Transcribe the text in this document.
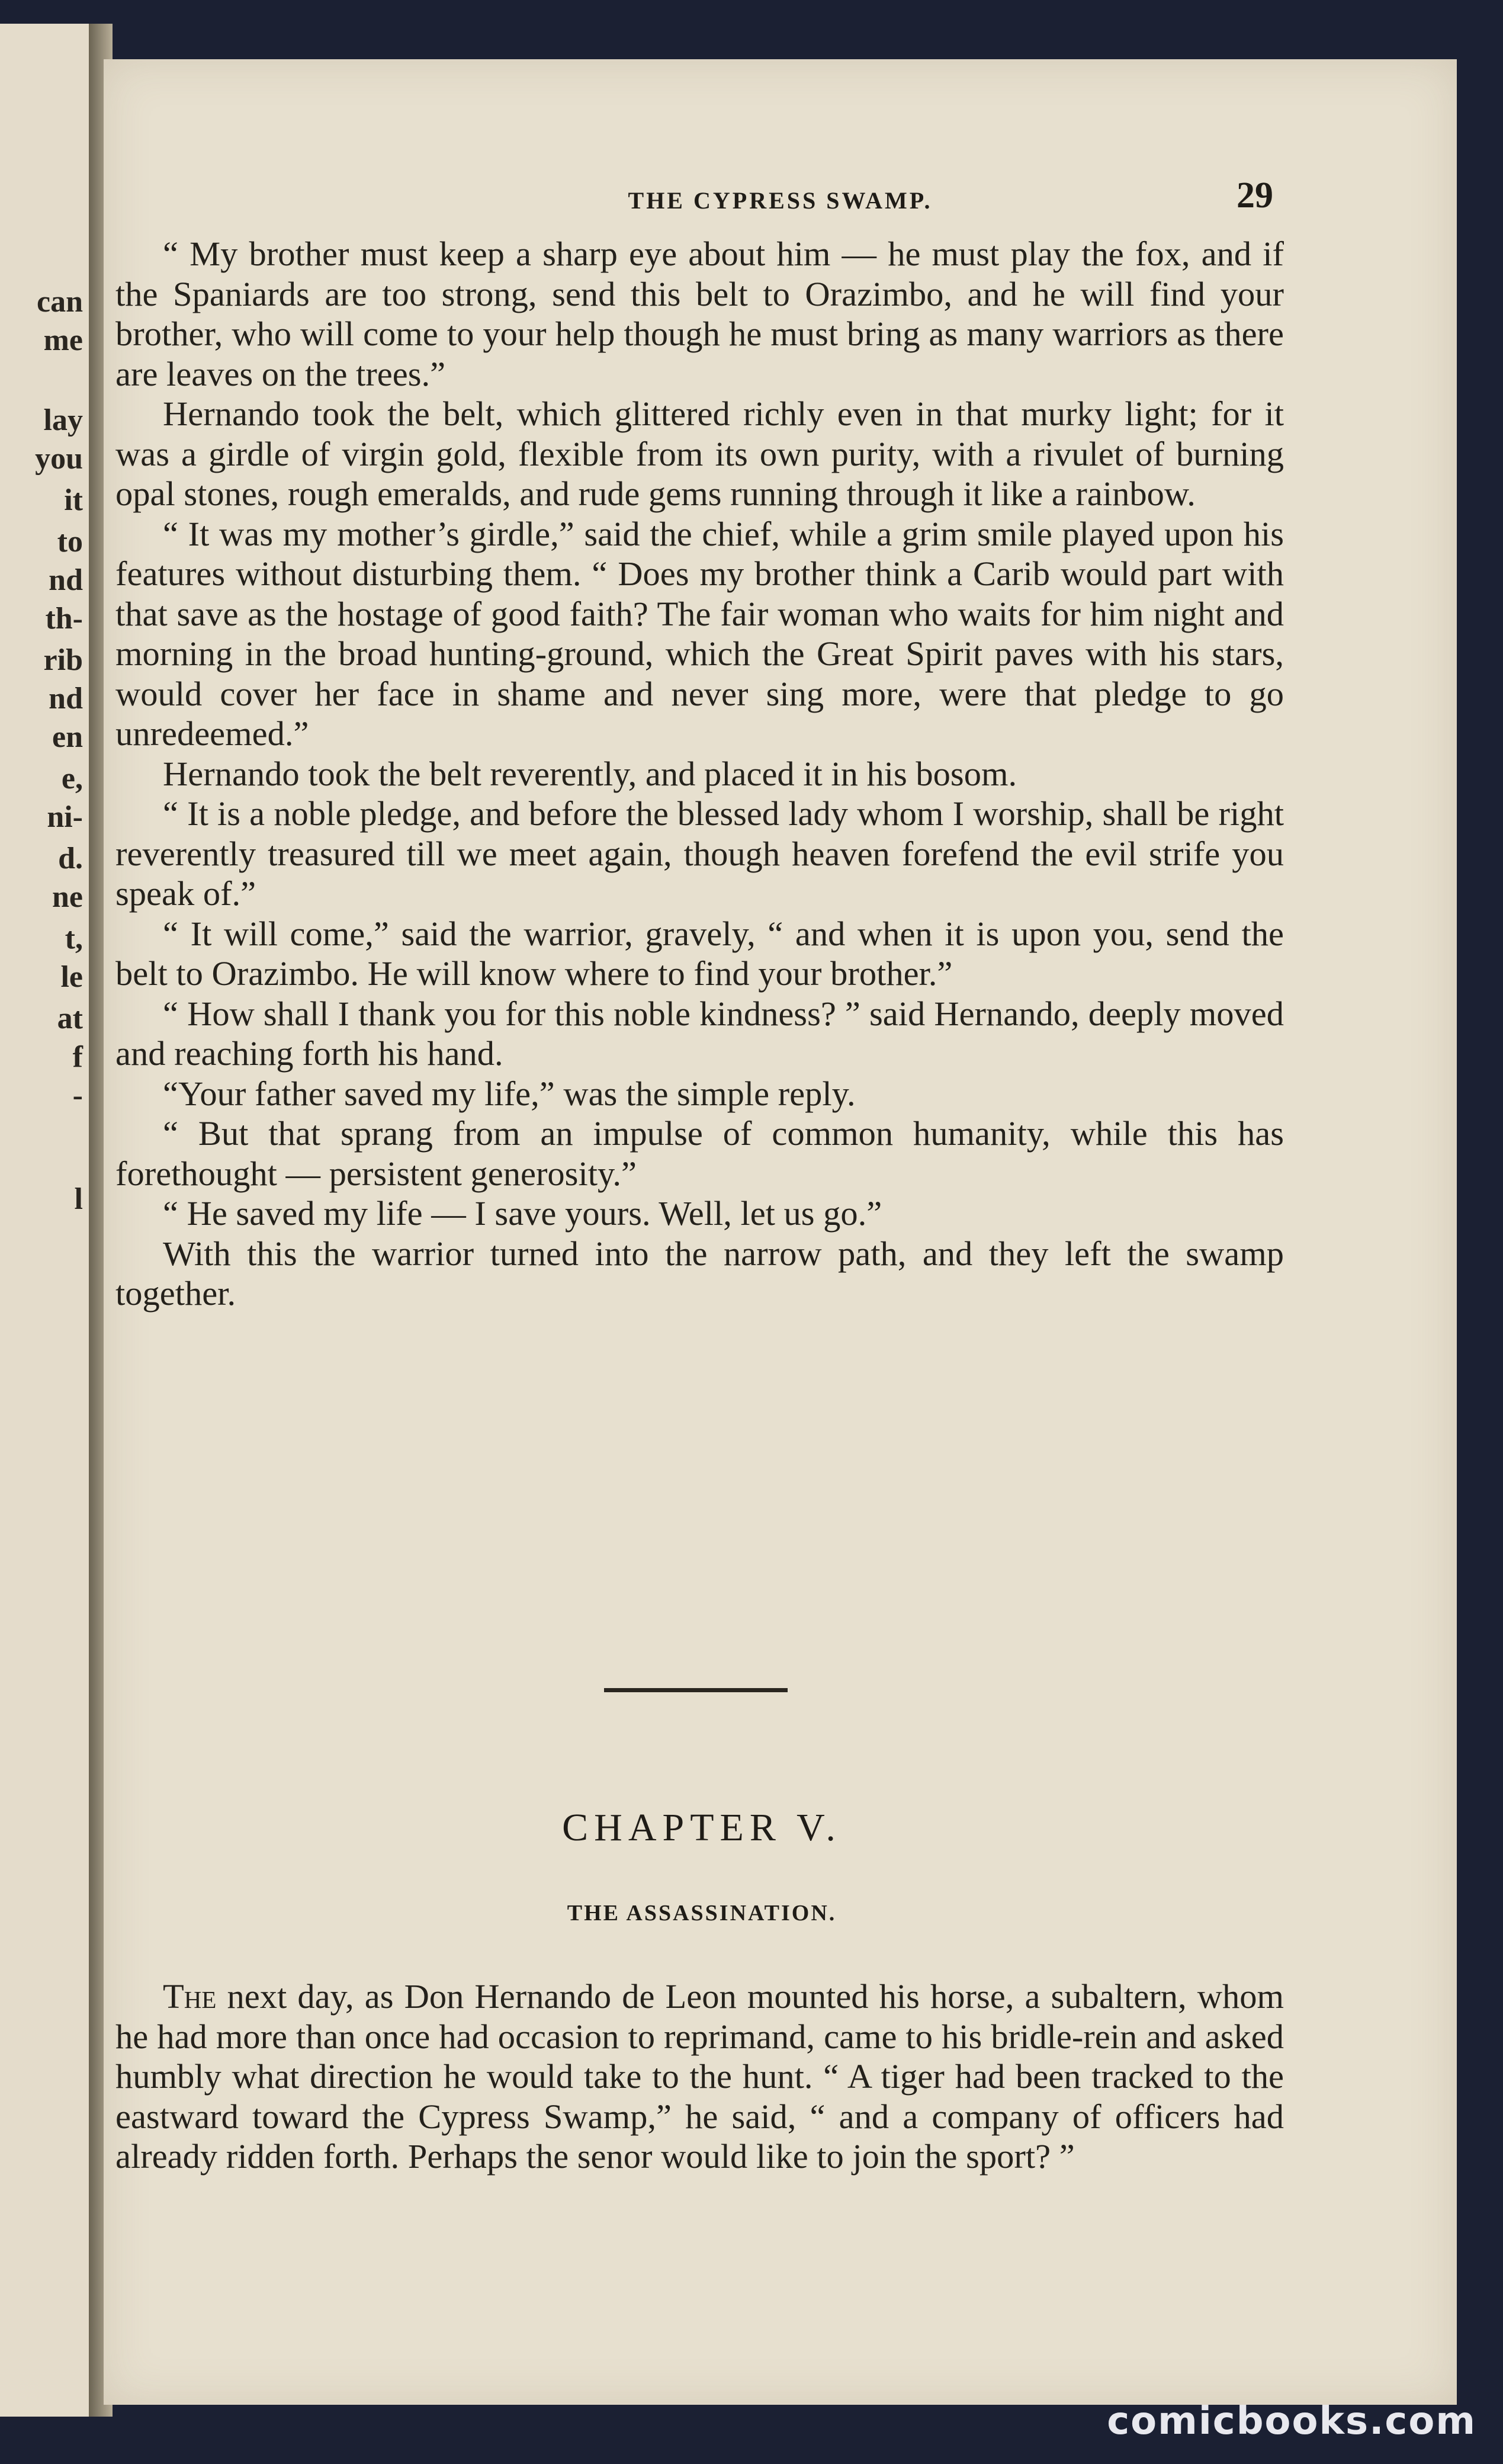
can
me
lay
you
it
to
nd
th-
rib
nd
en
e,
ni-
d.
ne
t,
le
at
f
-
l
THE CYPRESS SWAMP.	29

“ My brother must keep a sharp eye about him — he must play the fox, and if the Spaniards are too strong, send this belt to Orazimbo, and he will find your brother, who will come to your help though he must bring as many warriors as there are leaves on the trees.”

Hernando took the belt, which glittered richly even in that murky light; for it was a girdle of virgin gold, flexible from its own purity, with a rivulet of burning opal stones, rough emeralds, and rude gems running through it like a rainbow.

“ It was my mother’s girdle,” said the chief, while a grim smile played upon his features without disturbing them. “ Does my brother think a Carib would part with that save as the hostage of good faith? The fair woman who waits for him night and morning in the broad hunting-ground, which the Great Spirit paves with his stars, would cover her face in shame and never sing more, were that pledge to go unredeemed.”

Hernando took the belt reverently, and placed it in his bosom.

“ It is a noble pledge, and before the blessed lady whom I worship, shall be right reverently treasured till we meet again, though heaven forefend the evil strife you speak of.”

“ It will come,” said the warrior, gravely, “ and when it is upon you, send the belt to Orazimbo. He will know where to find your brother.”

“ How shall I thank you for this noble kindness? ” said Hernando, deeply moved and reaching forth his hand.

“Your father saved my life,” was the simple reply.

“ But that sprang from an impulse of common humanity, while this has forethought — persistent generosity.”

“ He saved my life — I save yours. Well, let us go.”

With this the warrior turned into the narrow path, and they left the swamp together.

CHAPTER V.
THE ASSASSINATION.

The next day, as Don Hernando de Leon mounted his horse, a subaltern, whom he had more than once had occasion to reprimand, came to his bridle-rein and asked humbly what direction he would take to the hunt. “ A tiger had been tracked to the eastward toward the Cypress Swamp,” he said, “ and a company of officers had already ridden forth. Perhaps the senor would like to join the sport? ”

comicbooks.com
